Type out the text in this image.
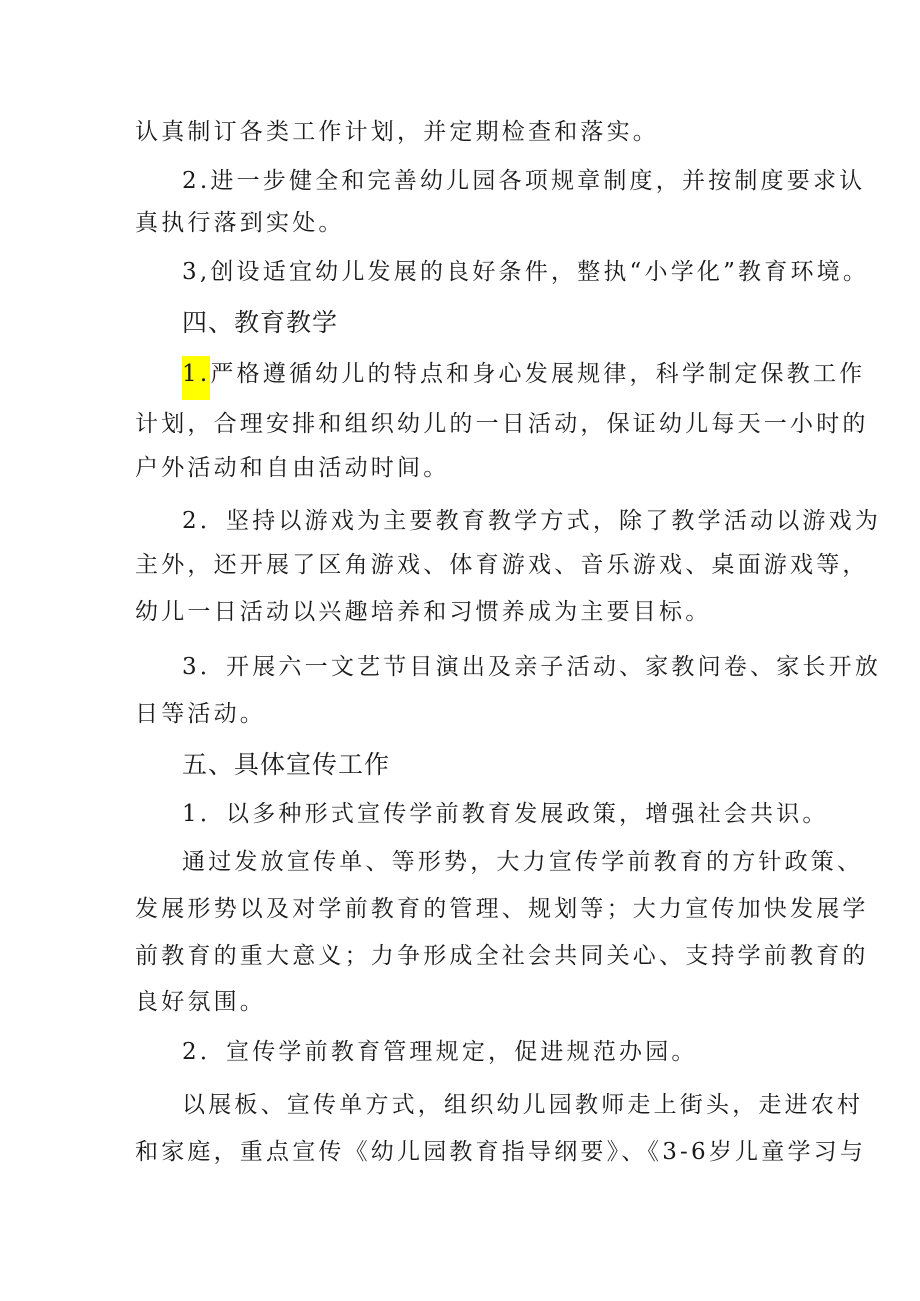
认真制订各类工作计划，并定期检查和落实。
2.进一步健全和完善幼儿园各项规章制度，并按制度要求认
真执行落到实处。
3,创设适宜幼儿发展的良好条件，整执“小学化”教育环境。
四、教育教学
1.严格遵循幼儿的特点和身心发展规律，科学制定保教工作
计划，合理安排和组织幼儿的一日活动，保证幼儿每天一小时的
户外活动和自由活动时间。
2．坚持以游戏为主要教育教学方式，除了教学活动以游戏为
主外，还开展了区角游戏、体育游戏、音乐游戏、桌面游戏等，
幼儿一日活动以兴趣培养和习惯养成为主要目标。
3．开展六一文艺节目演出及亲子活动、家教问卷、家长开放
日等活动。
五、具体宣传工作
1．以多种形式宣传学前教育发展政策，增强社会共识。
通过发放宣传单、等形势，大力宣传学前教育的方针政策、
发展形势以及对学前教育的管理、规划等；大力宣传加快发展学
前教育的重大意义；力争形成全社会共同关心、支持学前教育的
良好氛围。
2．宣传学前教育管理规定，促进规范办园。
以展板、宣传单方式，组织幼儿园教师走上街头，走进农村
和家庭，重点宣传《幼儿园教育指导纲要》、《3-6岁儿童学习与
